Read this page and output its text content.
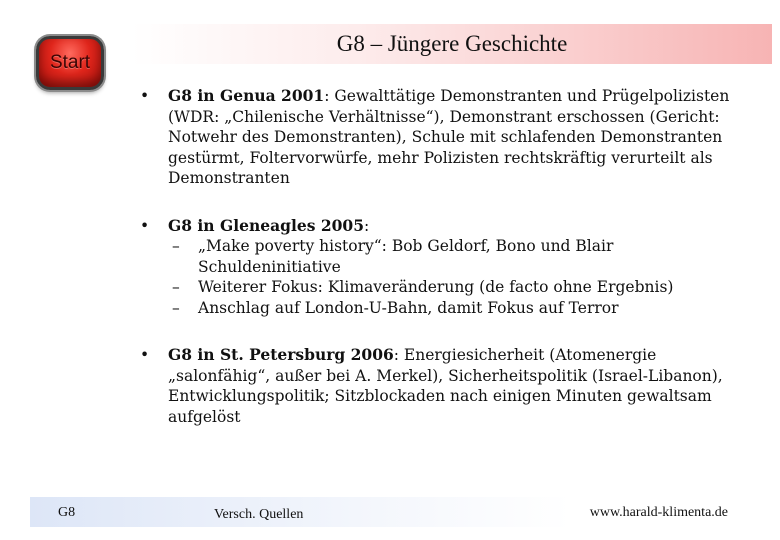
Start
G8 – Jüngere Geschichte
• G8 in Genua 2001: Gewalttätige Demonstranten und Prügelpolizisten (WDR: „Chilenische Verhältnisse“), Demonstrant erschossen (Gericht: Notwehr des Demonstranten), Schule mit schlafenden Demonstranten gestürmt, Foltervorwürfe, mehr Polizisten rechtskräftig verurteilt als Demonstranten
• G8 in Gleneagles 2005:
– „Make poverty history“: Bob Geldorf, Bono und Blair Schuldeninitiative
– Weiterer Fokus: Klimaveränderung (de facto ohne Ergebnis)
– Anschlag auf London-U-Bahn, damit Fokus auf Terror
• G8 in St. Petersburg 2006: Energiesicherheit (Atomenergie „salonfähig“, außer bei A. Merkel), Sicherheitspolitik (Israel-Libanon), Entwicklungspolitik; Sitzblockaden nach einigen Minuten gewaltsam aufgelöst
G8	Versch. Quellen	www.harald-klimenta.de
